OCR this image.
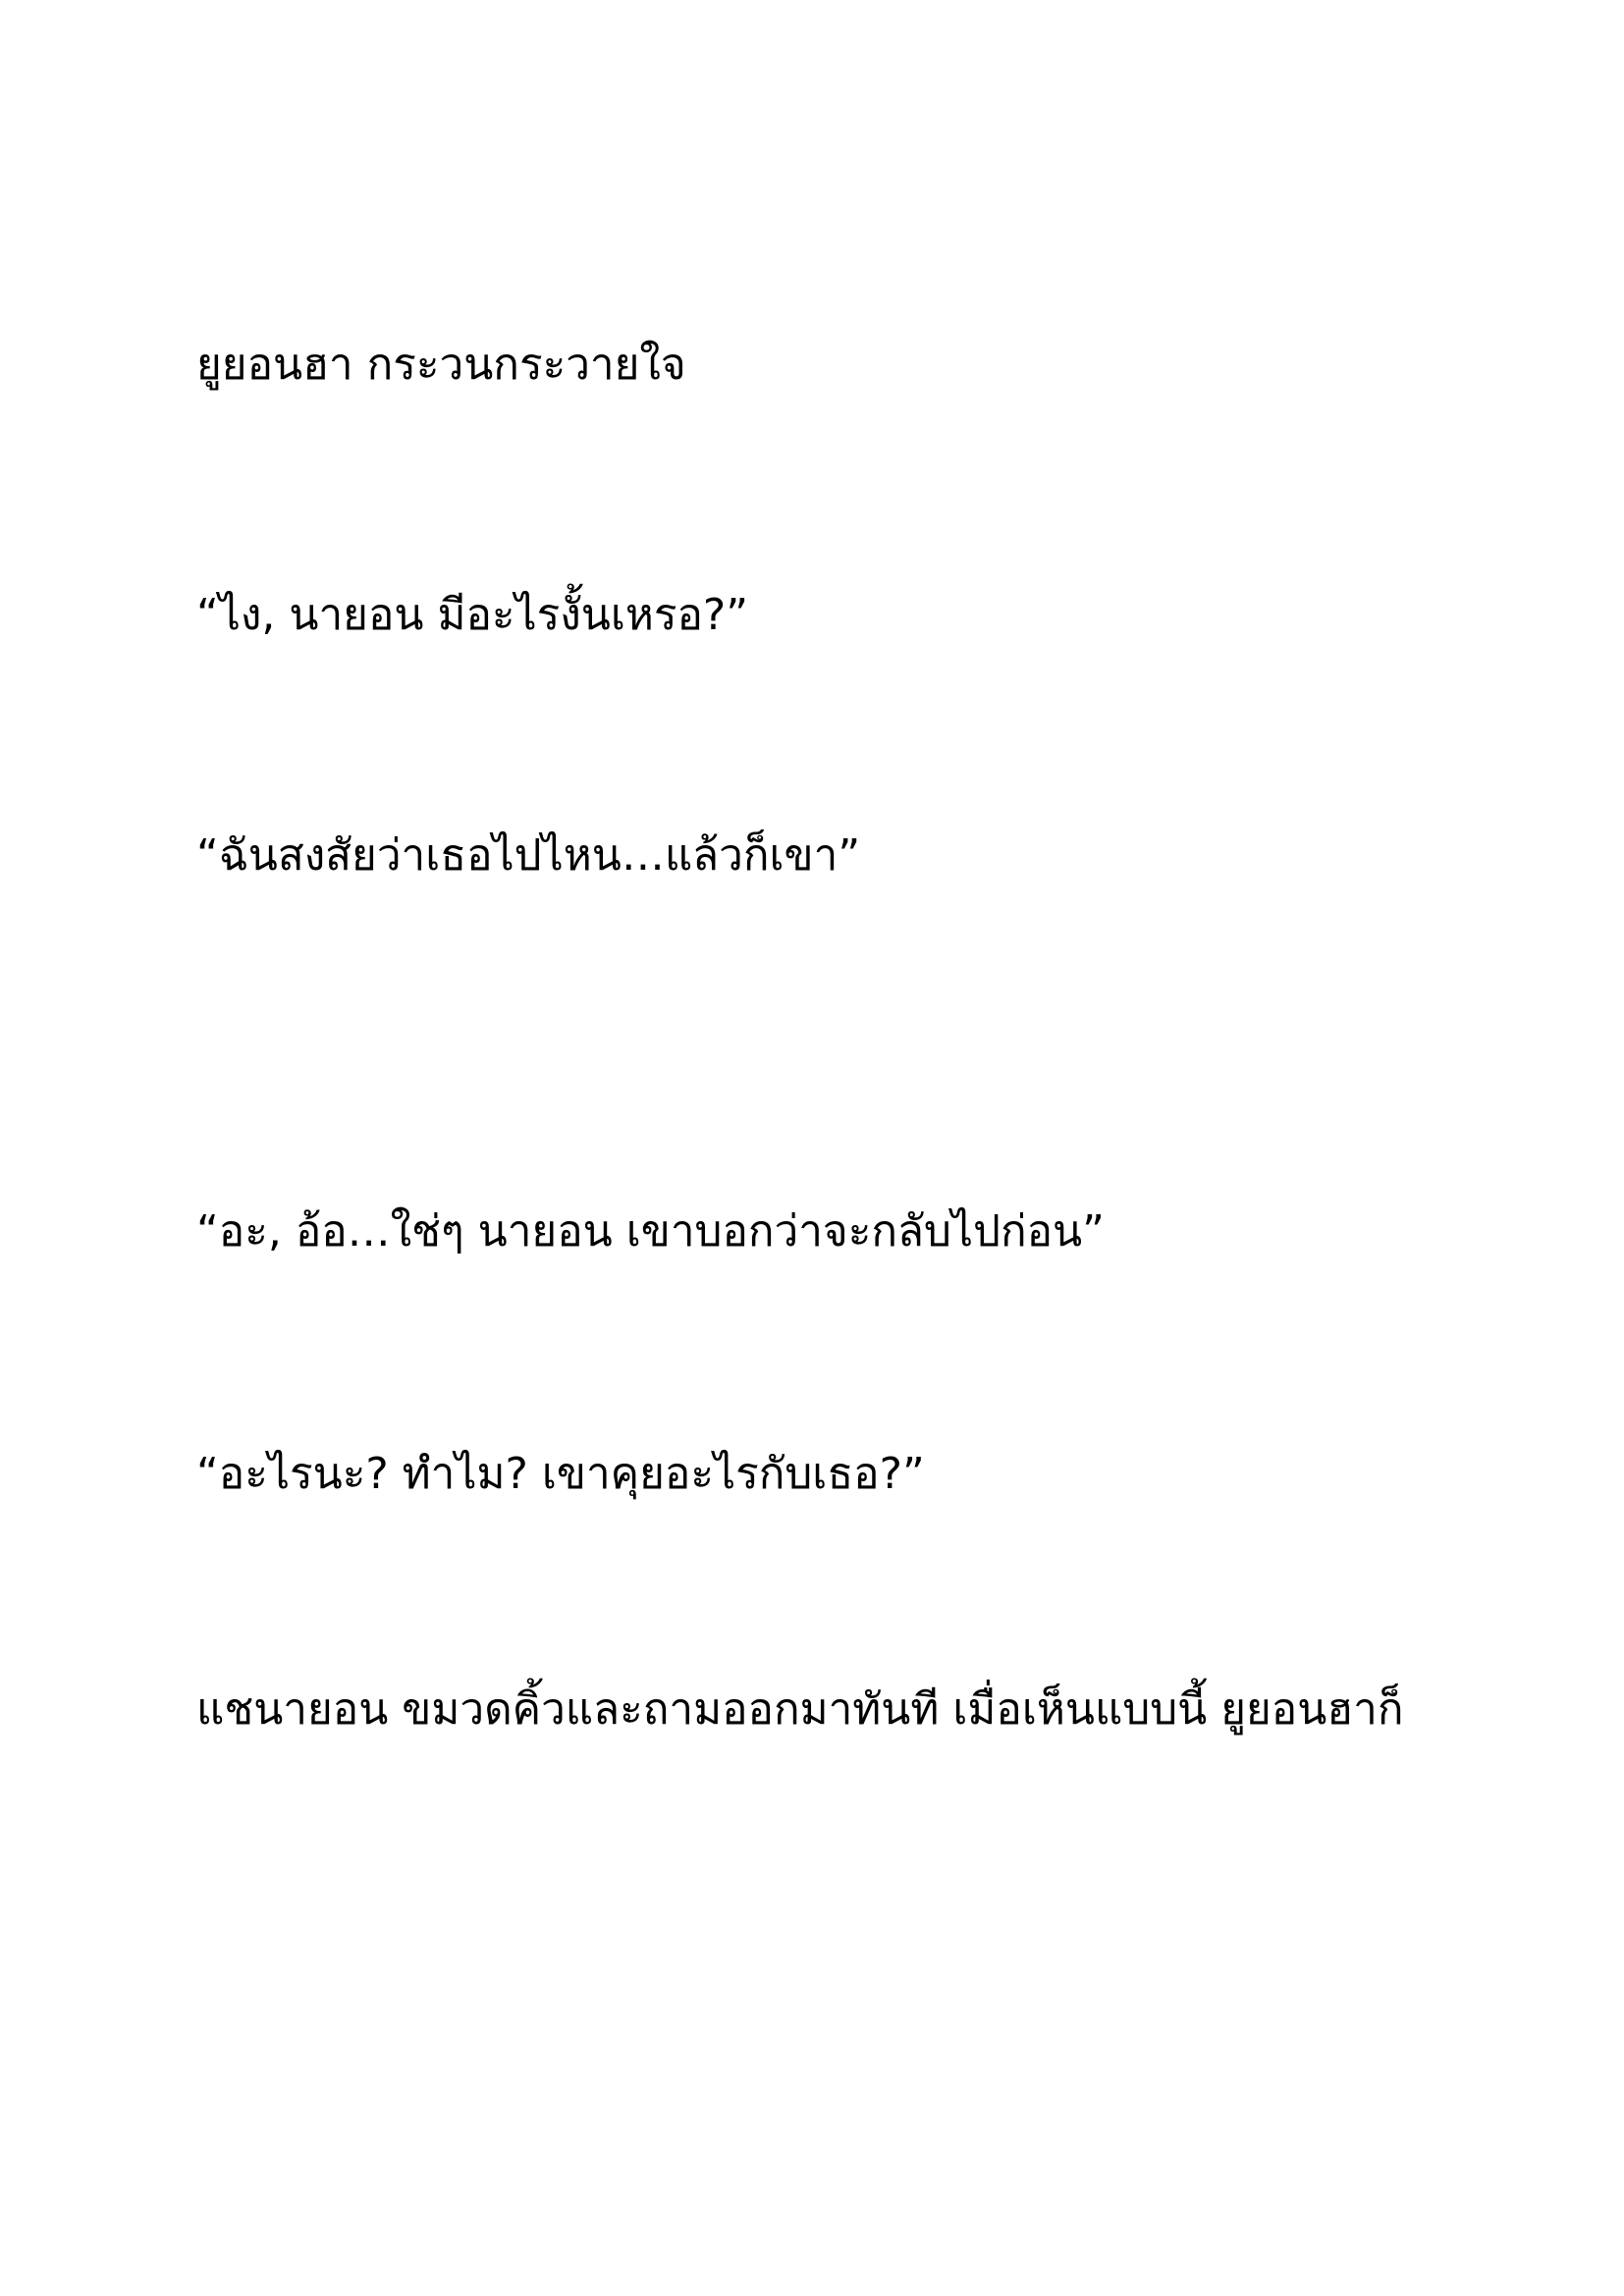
ยูยอนฮา กระวนกระวายใจ

“ไง, นายอน มีอะไรงั้นเหรอ?”

“ฉันสงสัยว่าเธอไปไหน…แล้วก็เขา”

“อะ, อ้อ…ใช่ๆ นายอน เขาบอกว่าจะกลับไปก่อน”

“อะไรนะ? ทำไม? เขาคุยอะไรกับเธอ?”

แชนายอน ขมวดคิ้วและถามออกมาทันที เมื่อเห็นแบบนี้ ยูยอนฮาก็
